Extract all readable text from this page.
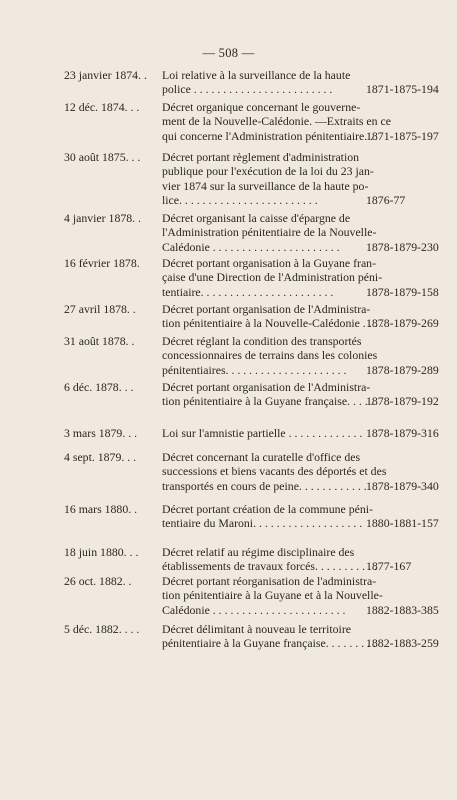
— 508 —
23 janvier 1874. .	Loi relative à la surveillance de la haute
police . . . . . . . . . . . . . . . . . . . . . . . .	1871-1875-194
12 déc. 1874. . .	Décret organique concernant le gouverne-
ment de la Nouvelle-Calédonie. —Extraits en ce
qui concerne l'Administration pénitentiaire. .
1871-1875-197
30 août 1875. . .	Décret portant règlement d'administration
publique pour l'exécution de la loi du 23 jan-
vier 1874 sur la surveillance de la haute po-
lice. . . . . . . . . . . . . . . . . . . . . . . .	1876-77
4 janvier 1878. .	Décret organisant la caisse d'épargne de
l'Administration pénitentiaire de la Nouvelle-
Calédonie . . . . . . . . . . . . . . . . . . . . . .	1878-1879-230
16 février 1878.	Décret portant organisation à la Guyane fran-
çaise d'une Direction de l'Administration péni-
tentiaire. . . . . . . . . . . . . . . . . . . . . . .	1878-1879-158
27 avril 1878. .	Décret portant organisation de l'Administra-
tion pénitentiaire à la Nouvelle-Calédonie . . . .
1878-1879-269
31 août 1878. .	Décret réglant la condition des transportés
concessionnaires de terrains dans les colonies
pénitentiaires. . . . . . . . . . . . . . . . . . . . .	1878-1879-289
6 déc. 1878. . .	Décret portant organisation de l'Administra-
tion pénitentiaire à la Guyane française. . . . .
1878-1879-192
3 mars 1879. . .	Loi sur l'amnistie partielle . . . . . . . . . . . . . 1878-1879-316
4 sept. 1879. . .	Décret concernant la curatelle d'office des
successions et biens vacants des déportés et des
transportés en cours de peine. . . . . . . . . . . . 1878-1879-340
16 mars 1880. .	Décret portant création de la commune péni-
tentiaire du Maroni. . . . . . . . . . . . . . . . . . . 1880-1881-157
18 juin 1880. . .	Décret relatif au régime disciplinaire des
établissements de travaux forcés. . . . . . . . . . .
1877-167
26 oct. 1882. .	Décret portant réorganisation de l'administra-
tion pénitentiaire à la Guyane et à la Nouvelle-
Calédonie . . . . . . . . . . . . . . . . . . . . . . .	1882-1883-385
5 déc. 1882. . . .	Décret délimitant à nouveau le territoire
pénitentiaire à la Guyane française. . . . . . . . .
1882-1883-259
